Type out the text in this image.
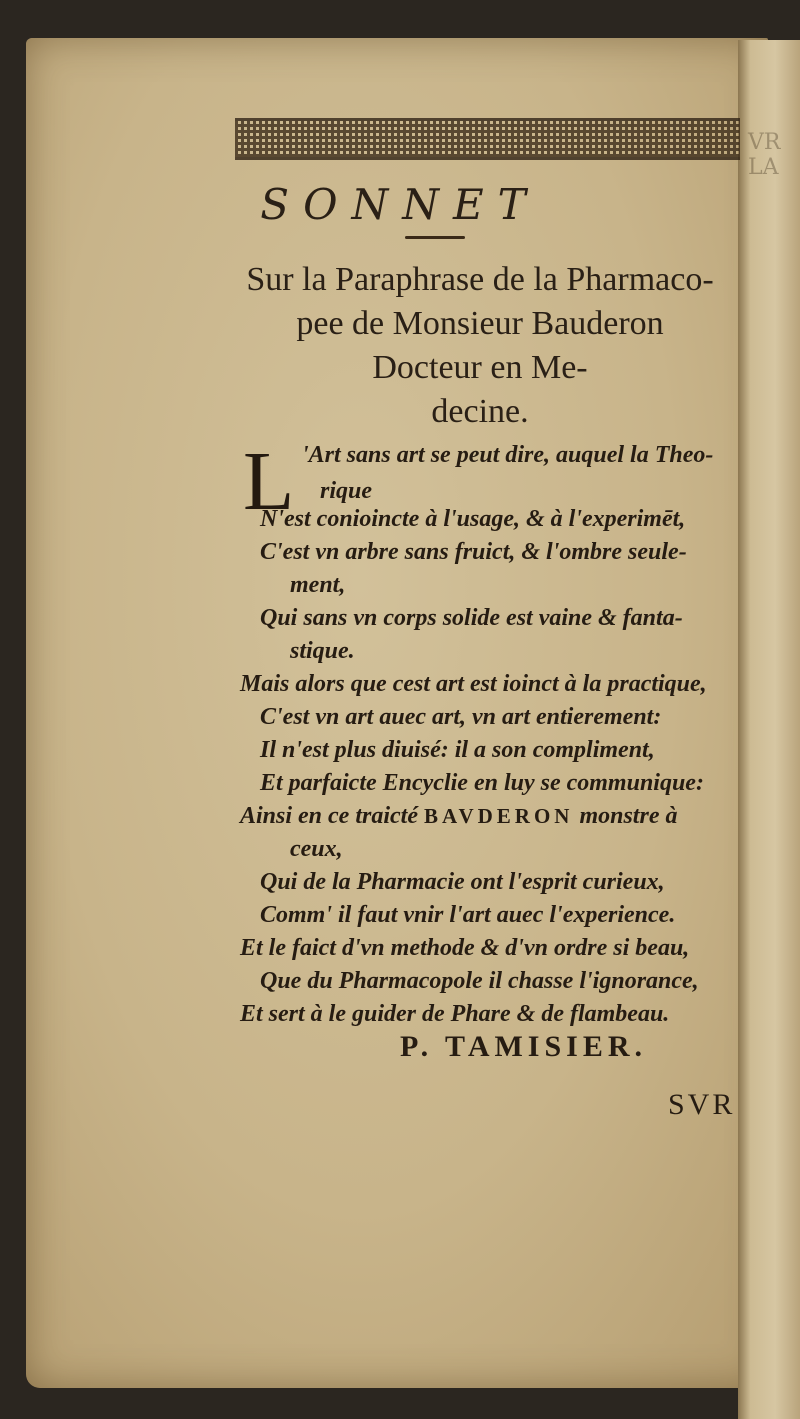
VR LA
SONNET
Sur la Paraphrase de la Pharmaco-
pee de Monsieur Bauderon
Docteur en Me-
decine.
L 'Art sans art se peut dire, auquel la Theo-
rique
N'est conioincte à l'usage, & à l'experimēt,
C'est vn arbre sans fruict, & l'ombre seule-
ment,
Qui sans vn corps solide est vaine & fanta-
stique.
Mais alors que cest art est ioinct à la practique,
C'est vn art auec art, vn art entierement:
Il n'est plus diuisé: il a son compliment,
Et parfaicte Encyclie en luy se communique:
Ainsi en ce traicté BAVDERON monstre à
ceux,
Qui de la Pharmacie ont l'esprit curieux,
Comm' il faut vnir l'art auec l'experience.
Et le faict d'vn methode & d'vn ordre si beau,
Que du Pharmacopole il chasse l'ignorance,
Et sert à le guider de Phare & de flambeau.
P. TAMISIER.
SVR
